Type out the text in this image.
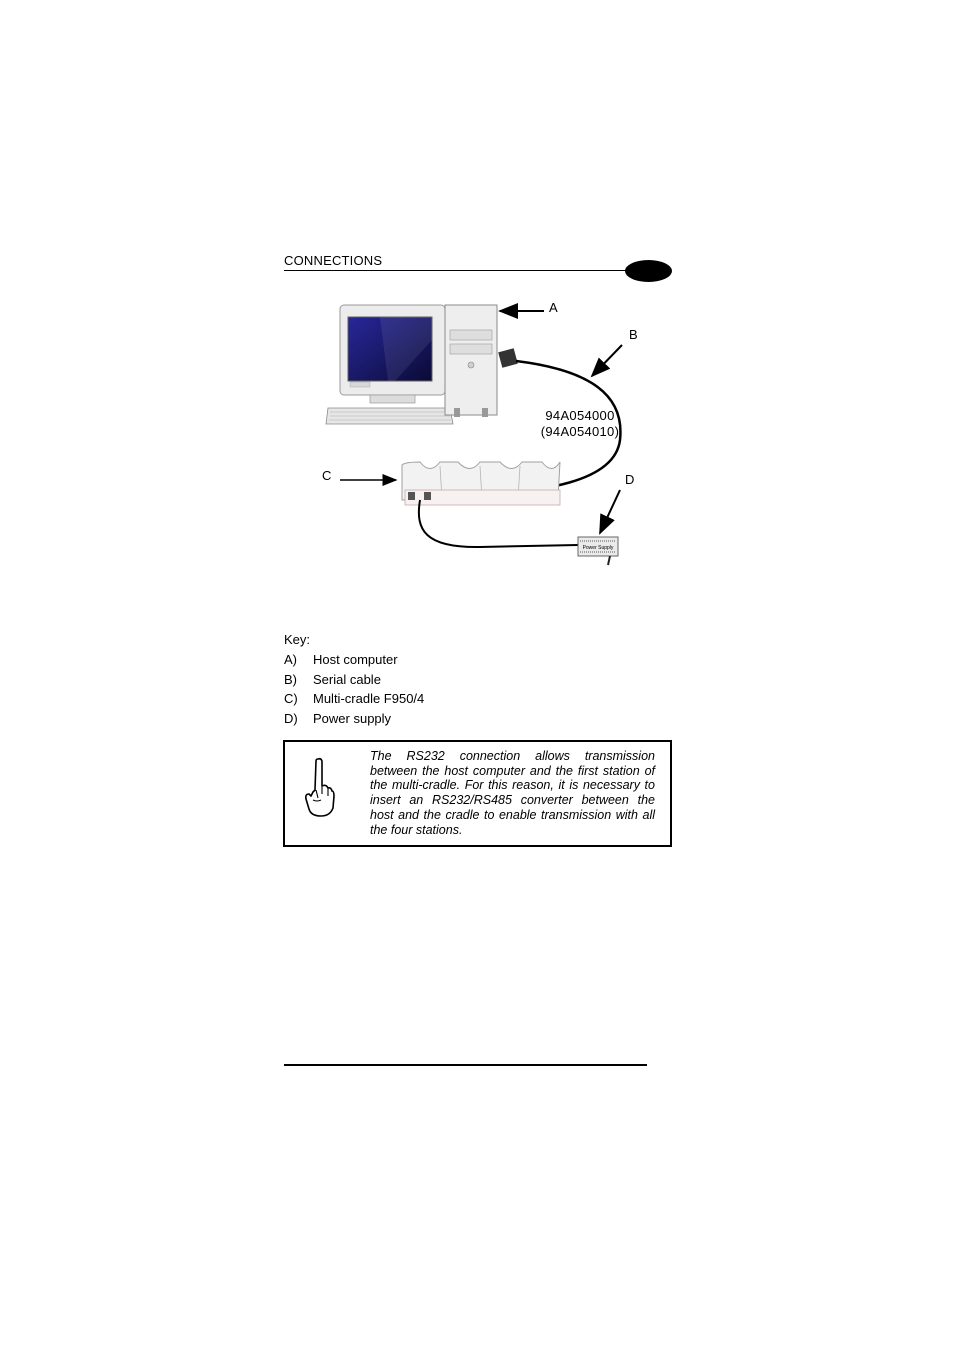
CONNECTIONS
Power Supply
A
B
C	D
94A054000
(94A054010)
Key:
A)	Host computer
B)	Serial cable
C)	Multi-cradle F950/4
D)	Power supply
The RS232 connection allows transmission between the host computer and the first station of the multi-cradle. For this reason, it is necessary to insert an RS232/RS485 converter between the host and the cradle to enable transmission with all the four stations.
